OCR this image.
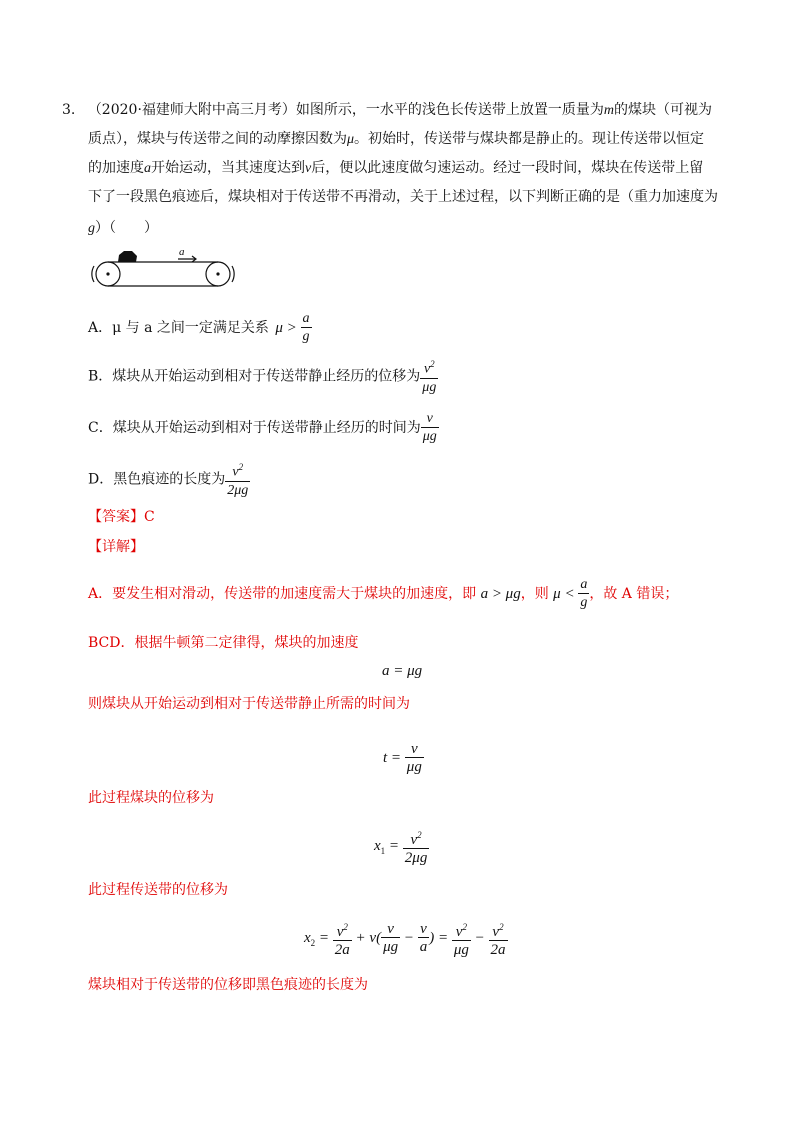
3. （2020·福建师大附中高三月考）如图所示，一水平的浅色长传送带上放置一质量为m的煤块（可视为
质点），煤块与传送带之间的动摩擦因数为μ。初始时，传送带与煤块都是静止的。现让传送带以恒定
的加速度a开始运动，当其速度达到v后，便以此速度做匀速运动。经过一段时间，煤块在传送带上留
下了一段黑色痕迹后，煤块相对于传送带不再滑动，关于上述过程，以下判断正确的是（重力加速度为
g）（　　）
a
A．μ 与 a 之间一定满足关系 $\mu > \frac{a}{g}$
B．煤块从开始运动到相对于传送带静止经历的位移为 $\frac{v^2}{\mu g}$
C．煤块从开始运动到相对于传送带静止经历的时间为 $\frac{v}{\mu g}$
D．黑色痕迹的长度为 $\frac{v^2}{2\mu g}$
【答案】C
【详解】
A．要发生相对滑动，传送带的加速度需大于煤块的加速度，即 a > μg，则 $\mu < \frac{a}{g}$ ，故 A 错误；
BCD．根据牛顿第二定律得，煤块的加速度
a = μg
则煤块从开始运动到相对于传送带静止所需的时间为
$t = \frac{v}{\mu g}$
此过程煤块的位移为
$x_1 = \frac{v^2}{2\mu g}$
此过程传送带的位移为
$x_2 = \frac{v^2}{2a} + v( \frac{v}{\mu g} - \frac{v}{a}$ ) = $\frac{v^2}{\mu g} - \frac{v^2}{2a}$
煤块相对于传送带的位移即黑色痕迹的长度为
